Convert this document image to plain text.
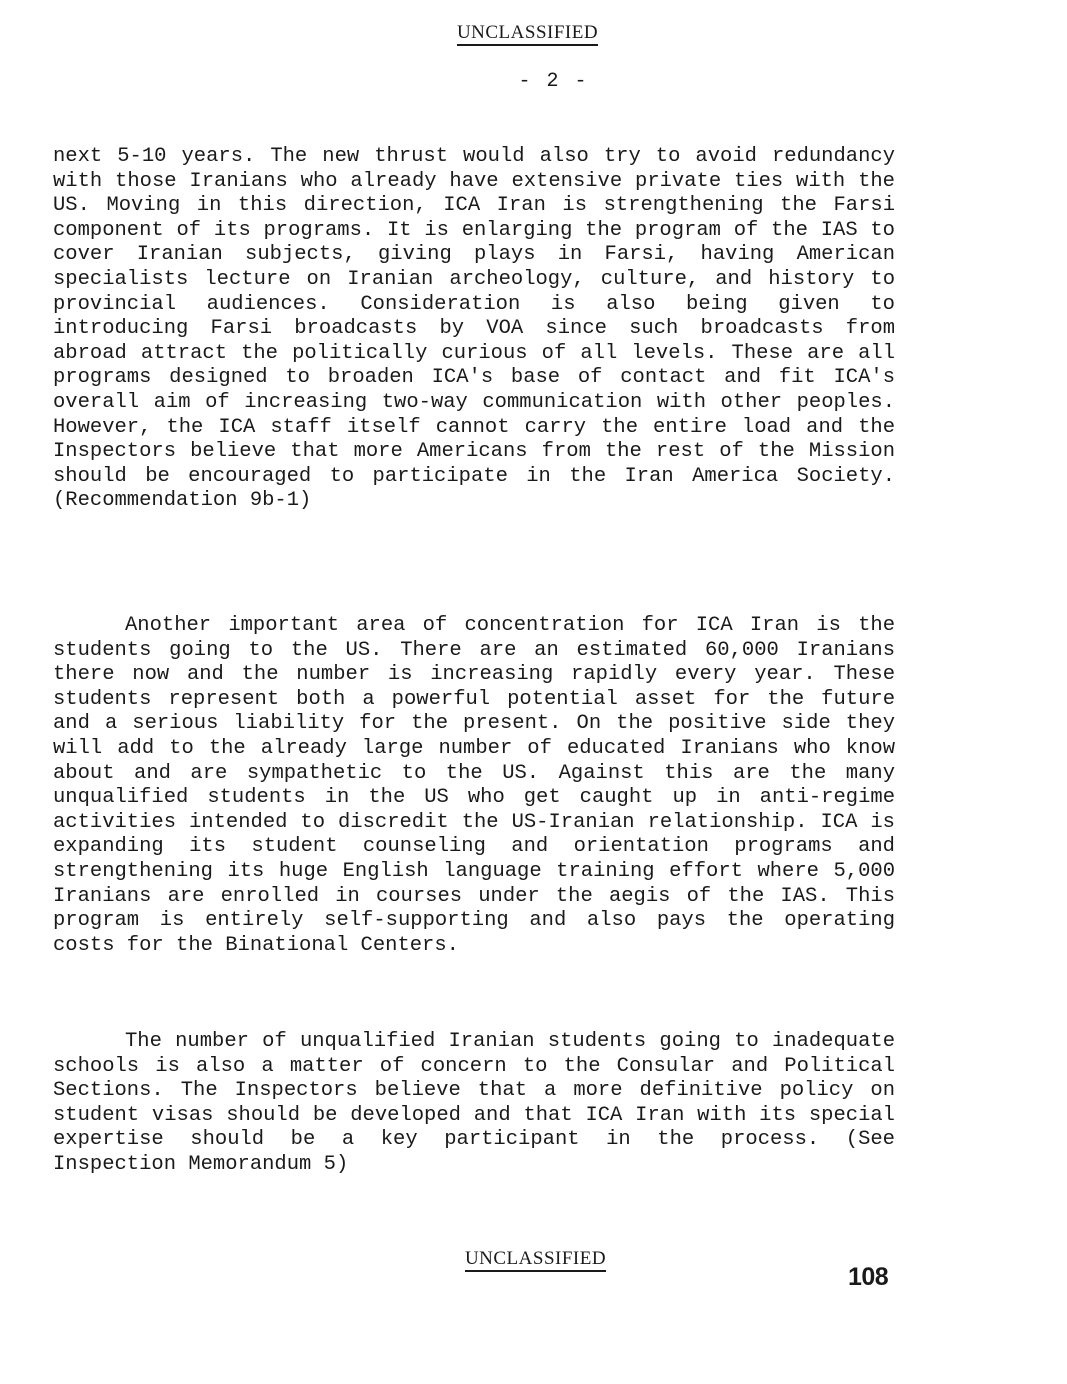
UNCLASSIFIED
- 2 -

next 5-10 years. The new thrust would also try to avoid redundancy with those Iranians who already have extensive private ties with the US. Moving in this direction, ICA Iran is strengthening the Farsi component of its programs. It is enlarging the program of the IAS to cover Iranian subjects, giving plays in Farsi, having American specialists lecture on Iranian archeology, culture, and history to provincial audiences. Consideration is also being given to introducing Farsi broadcasts by VOA since such broadcasts from abroad attract the politically curious of all levels. These are all programs designed to broaden ICA's base of contact and fit ICA's overall aim of increasing two-way communication with other peoples. However, the ICA staff itself cannot carry the entire load and the Inspectors believe that more Americans from the rest of the Mission should be encouraged to participate in the Iran America Society. (Recommendation 9b-1)

Another important area of concentration for ICA Iran is the students going to the US. There are an estimated 60,000 Iranians there now and the number is increasing rapidly every year. These students represent both a powerful potential asset for the future and a serious liability for the present. On the positive side they will add to the already large number of educated Iranians who know about and are sympathetic to the US. Against this are the many unqualified students in the US who get caught up in anti-regime activities intended to discredit the US-Iranian relationship. ICA is expanding its student counseling and orientation programs and strengthening its huge English language training effort where 5,000 Iranians are enrolled in courses under the aegis of the IAS. This program is entirely self-supporting and also pays the operating costs for the Binational Centers.

The number of unqualified Iranian students going to inadequate schools is also a matter of concern to the Consular and Political Sections. The Inspectors believe that a more definitive policy on student visas should be developed and that ICA Iran with its special expertise should be a key participant in the process. (See Inspection Memorandum 5)

UNCLASSIFIED
108
